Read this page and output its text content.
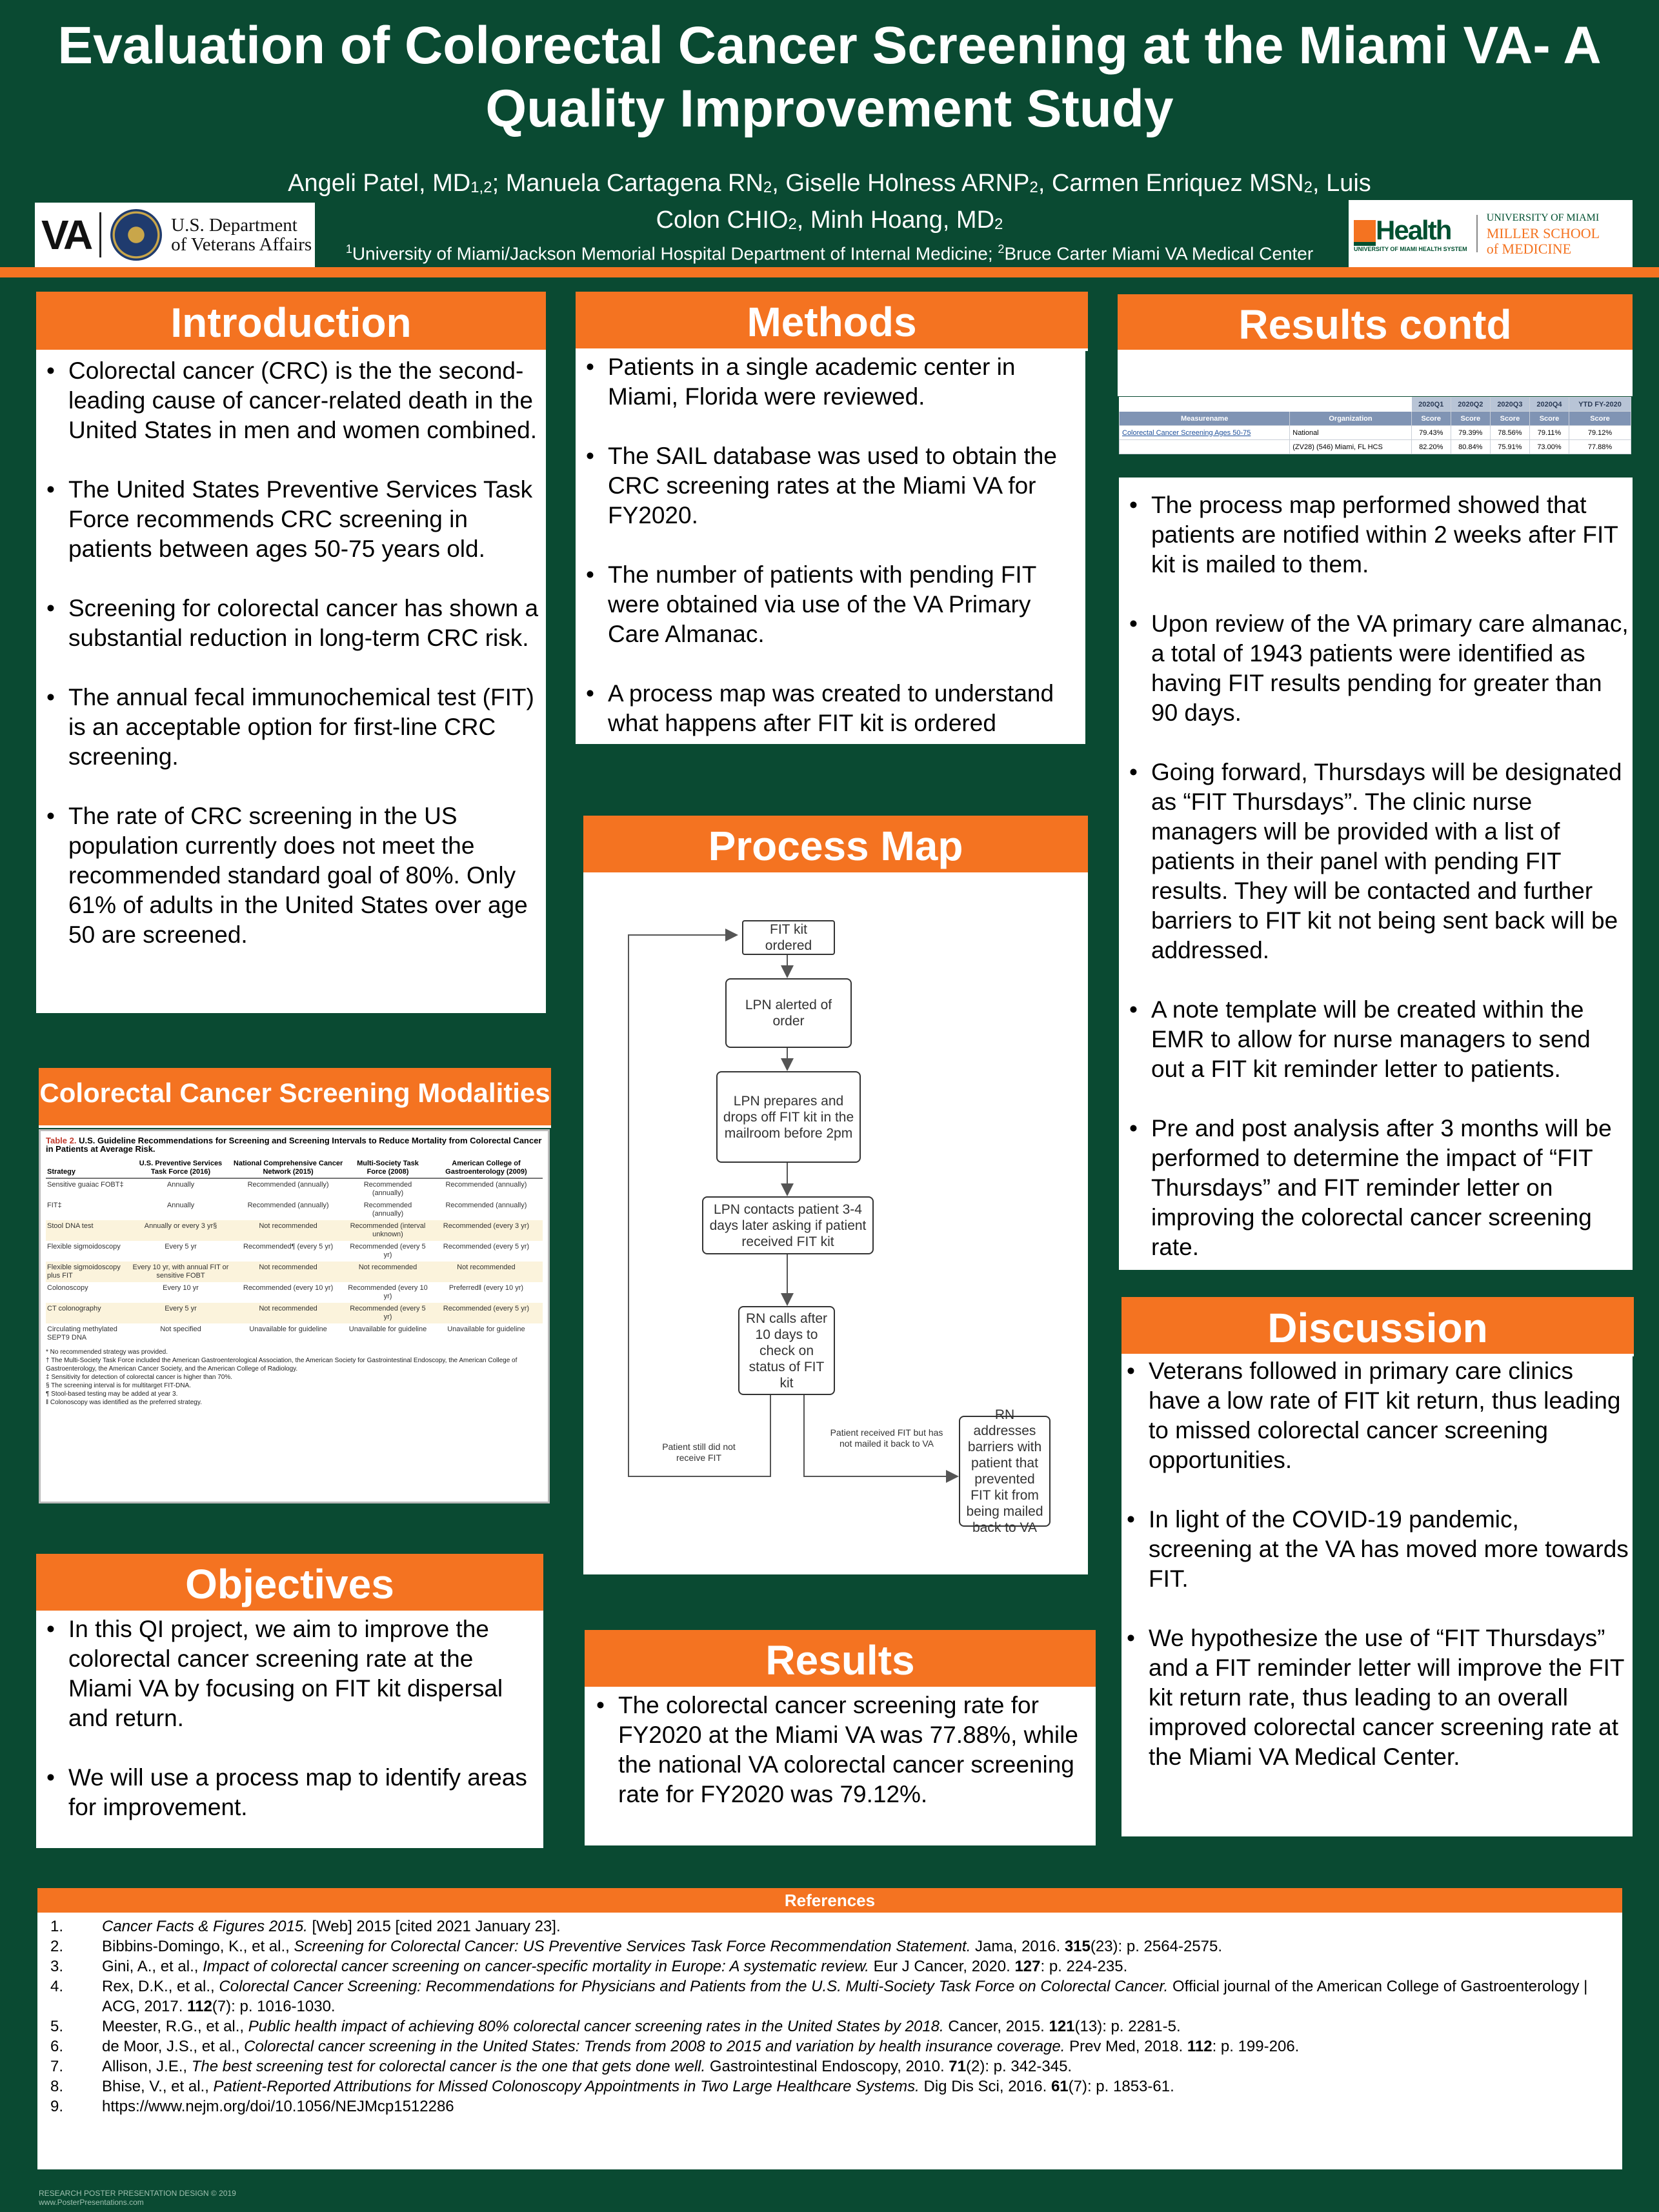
Evaluation of Colorectal Cancer Screening at the Miami VA- A Quality Improvement Study
Angeli Patel, $MD_{1,2}$; Manuela Cartagena $RN_2$, Giselle Holness $ARNP_2$, Carmen Enriquez $MSN_2$, Luis Colon $CHIO_2$, Minh Hoang, $MD_2$
$^1$University of Miami/Jackson Memorial Hospital Department of Internal Medicine; $^2$Bruce Carter Miami VA Medical Center
VA	U.S. Department
of Veterans Affairs	Health
UNIVERSITY OF MIAMI HEALTH SYSTEM
UNIVERSITY OF MIAMI
MILLER SCHOOL
of MEDICINE
Introduction
• Colorectal cancer (CRC) is the the second-leading cause of cancer-related death in the United States in men and women combined.
• The United States Preventive Services Task Force recommends CRC screening in patients between ages 50-75 years old.
• Screening for colorectal cancer has shown a substantial reduction in long-term CRC risk.
• The annual fecal immunochemical test (FIT) is an acceptable option for first-line CRC screening.
• The rate of CRC screening in the US population currently does not meet the recommended standard goal of 80%. Only 61% of adults in the United States over age 50 are screened.
Colorectal Cancer Screening Modalities
Table 2. U.S. Guideline Recommendations for Screening and Screening Intervals to Reduce Mortality from Colorectal Cancer in Patients at Average Risk.
Strategy	U.S. Preventive Services Task Force (2016)	National Comprehensive Cancer Network (2015)	Multi-Society Task Force (2008)	American College of Gastroenterology (2009)
Sensitive guaiac FOBT‡	Annually	Recommended (annually)	Recommended (annually)	Recommended (annually)
FIT‡	Annually	Recommended (annually)	Recommended (annually)	Recommended (annually)
Stool DNA test	Annually or every 3 yr§	Not recommended	Recommended (interval unknown)	Recommended (every 3 yr)
Flexible sigmoidoscopy	Every 5 yr	Recommended¶ (every 5 yr)	Recommended (every 5 yr)	Recommended (every 5 yr)
Flexible sigmoidoscopy plus FIT	Every 10 yr, with annual FIT or sensitive FOBT	Not recommended	Not recommended	Not recommended
Colonoscopy	Every 10 yr	Recommended (every 10 yr)	Recommended (every 10 yr)	Preferred‖ (every 10 yr)
CT colonography	Every 5 yr	Not recommended	Recommended (every 5 yr)	Recommended (every 5 yr)
Circulating methylated SEPT9 DNA	Not specified	Unavailable for guideline	Unavailable for guideline	Unavailable for guideline
* No recommended strategy was provided.
† The Multi-Society Task Force included the American Gastroenterological Association, the American Society for Gastrointestinal Endoscopy, the American College of Gastroenterology, the American Cancer Society, and the American College of Radiology.
‡ Sensitivity for detection of colorectal cancer is higher than 70%.
§ The screening interval is for multitarget FIT-DNA.
¶ Stool-based testing may be added at year 3.
‖ Colonoscopy was identified as the preferred strategy.
Objectives
• In this QI project, we aim to improve the colorectal cancer screening rate at the Miami VA by focusing on FIT kit dispersal and return.
• We will use a process map to identify areas for improvement.
Methods
• Patients in a single academic center in Miami, Florida were reviewed.
• The SAIL database was used to obtain the CRC screening rates at the Miami VA for FY2020.
• The number of patients with pending FIT were obtained via use of the VA Primary Care Almanac.
• A process map was created to understand what happens after FIT kit is ordered
Process Map
FIT kit ordered
LPN alerted of order
LPN prepares and drops off FIT kit in the mailroom before 2pm
LPN contacts patient 3-4 days later asking if patient received FIT kit
RN calls after 10 days to check on status of FIT kit
RN addresses barriers with patient that prevented FIT kit from being mailed back to VA
Patient still did not receive FIT
Patient received FIT but has not mailed it back to VA
Results
• The colorectal cancer screening rate for FY2020 at the Miami VA was 77.88%, while the national VA colorectal cancer screening rate for FY2020 was 79.12%.
Results contd
		2020Q1	2020Q2	2020Q3	2020Q4	YTD FY-2020
Measurename	Organization	Score	Score	Score	Score	Score
Colorectal Cancer Screening Ages 50-75	National	79.43%	79.39%	78.56%	79.11%	79.12%
	(ZV28) (546) Miami, FL HCS	82.20%	80.84%	75.91%	73.00%	77.88%
• The process map performed showed that patients are notified within 2 weeks after FIT kit is mailed to them.
• Upon review of the VA primary care almanac, a total of 1943 patients were identified as having FIT results pending for greater than 90 days.
• Going forward, Thursdays will be designated as “FIT Thursdays”. The clinic nurse managers will be provided with a list of patients in their panel with pending FIT results. They will be contacted and further barriers to FIT kit not being sent back will be addressed.
• A note template will be created within the EMR to allow for nurse managers to send out a FIT kit reminder letter to patients.
• Pre and post analysis after 3 months will be performed to determine the impact of “FIT Thursdays” and FIT reminder letter on improving the colorectal cancer screening rate.
Discussion
• Veterans followed in primary care clinics have a low rate of FIT kit return, thus leading to missed colorectal cancer screening opportunities.
• In light of the COVID-19 pandemic, screening at the VA has moved more towards FIT.
• We hypothesize the use of “FIT Thursdays” and a FIT reminder letter will improve the FIT kit return rate, thus leading to an overall improved colorectal cancer screening rate at the Miami VA Medical Center.
References

1. Cancer Facts & Figures 2015. [Web] 2015 [cited 2021 January 23].

2. Bibbins-Domingo, K., et al., Screening for Colorectal Cancer: US Preventive Services Task Force Recommendation Statement. Jama, 2016. 315(23): p. 2564-2575.

3. Gini, A., et al., Impact of colorectal cancer screening on cancer-specific mortality in Europe: A systematic review. Eur J Cancer, 2020. 127: p. 224-235.

4. Rex, D.K., et al., Colorectal Cancer Screening: Recommendations for Physicians and Patients from the U.S. Multi-Society Task Force on Colorectal Cancer. Official journal of the American College of Gastroenterology | ACG, 2017. 112(7): p. 1016-1030.

5. Meester, R.G., et al., Public health impact of achieving 80% colorectal cancer screening rates in the United States by 2018. Cancer, 2015. 121(13): p. 2281-5.

6. de Moor, J.S., et al., Colorectal cancer screening in the United States: Trends from 2008 to 2015 and variation by health insurance coverage. Prev Med, 2018. 112: p. 199-206.

7. Allison, J.E., The best screening test for colorectal cancer is the one that gets done well. Gastrointestinal Endoscopy, 2010. 71(2): p. 342-345.

8. Bhise, V., et al., Patient-Reported Attributions for Missed Colonoscopy Appointments in Two Large Healthcare Systems. Dig Dis Sci, 2016. 61(7): p. 1853-61.

9. https://www.nejm.org/doi/10.1056/NEJMcp1512286

RESEARCH POSTER PRESENTATION DESIGN © 2019
www.PosterPresentations.com
